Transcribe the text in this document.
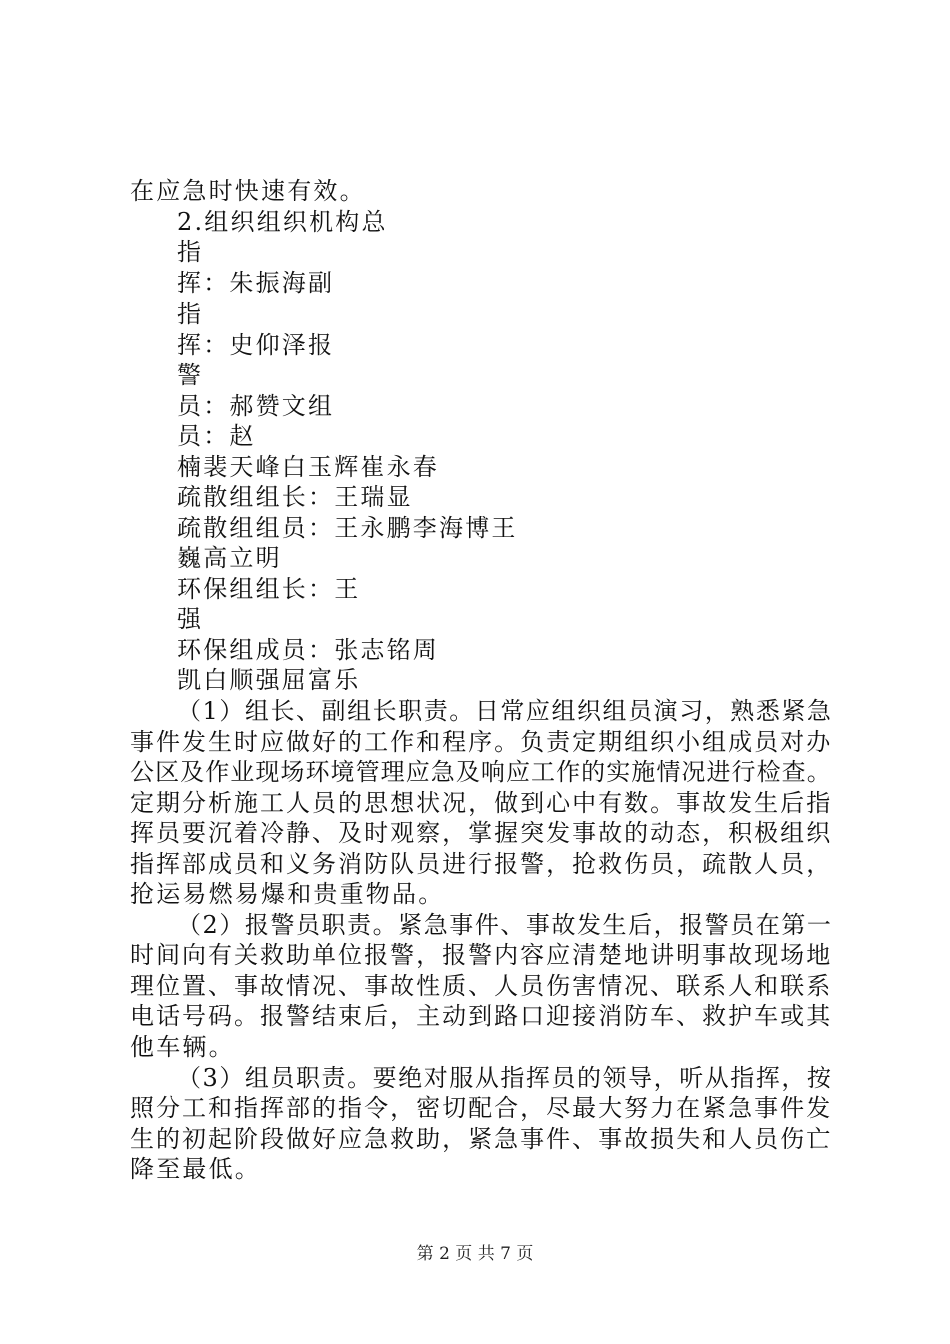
在应急时快速有效。
2.组织组织机构总
指
挥：朱振海副
指
挥：史仰泽报
警
员：郝赞文组
员：赵
楠裴天峰白玉辉崔永春
疏散组组长：王瑞显
疏散组组员：王永鹏李海博王
巍高立明
环保组组长：王
强
环保组成员：张志铭周
凯白顺强屈富乐
（1）组长、副组长职责。日常应组织组员演习，熟悉紧急
事件发生时应做好的工作和程序。负责定期组织小组成员对办
公区及作业现场环境管理应急及响应工作的实施情况进行检查。
定期分析施工人员的思想状况，做到心中有数。事故发生后指
挥员要沉着冷静、及时观察，掌握突发事故的动态，积极组织
指挥部成员和义务消防队员进行报警，抢救伤员，疏散人员，
抢运易燃易爆和贵重物品。
（2）报警员职责。紧急事件、事故发生后，报警员在第一
时间向有关救助单位报警，报警内容应清楚地讲明事故现场地
理位置、事故情况、事故性质、人员伤害情况、联系人和联系
电话号码。报警结束后，主动到路口迎接消防车、救护车或其
他车辆。
（3）组员职责。要绝对服从指挥员的领导，听从指挥，按
照分工和指挥部的指令，密切配合，尽最大努力在紧急事件发
生的初起阶段做好应急救助，紧急事件、事故损失和人员伤亡
降至最低。
第 2 页 共 7 页
